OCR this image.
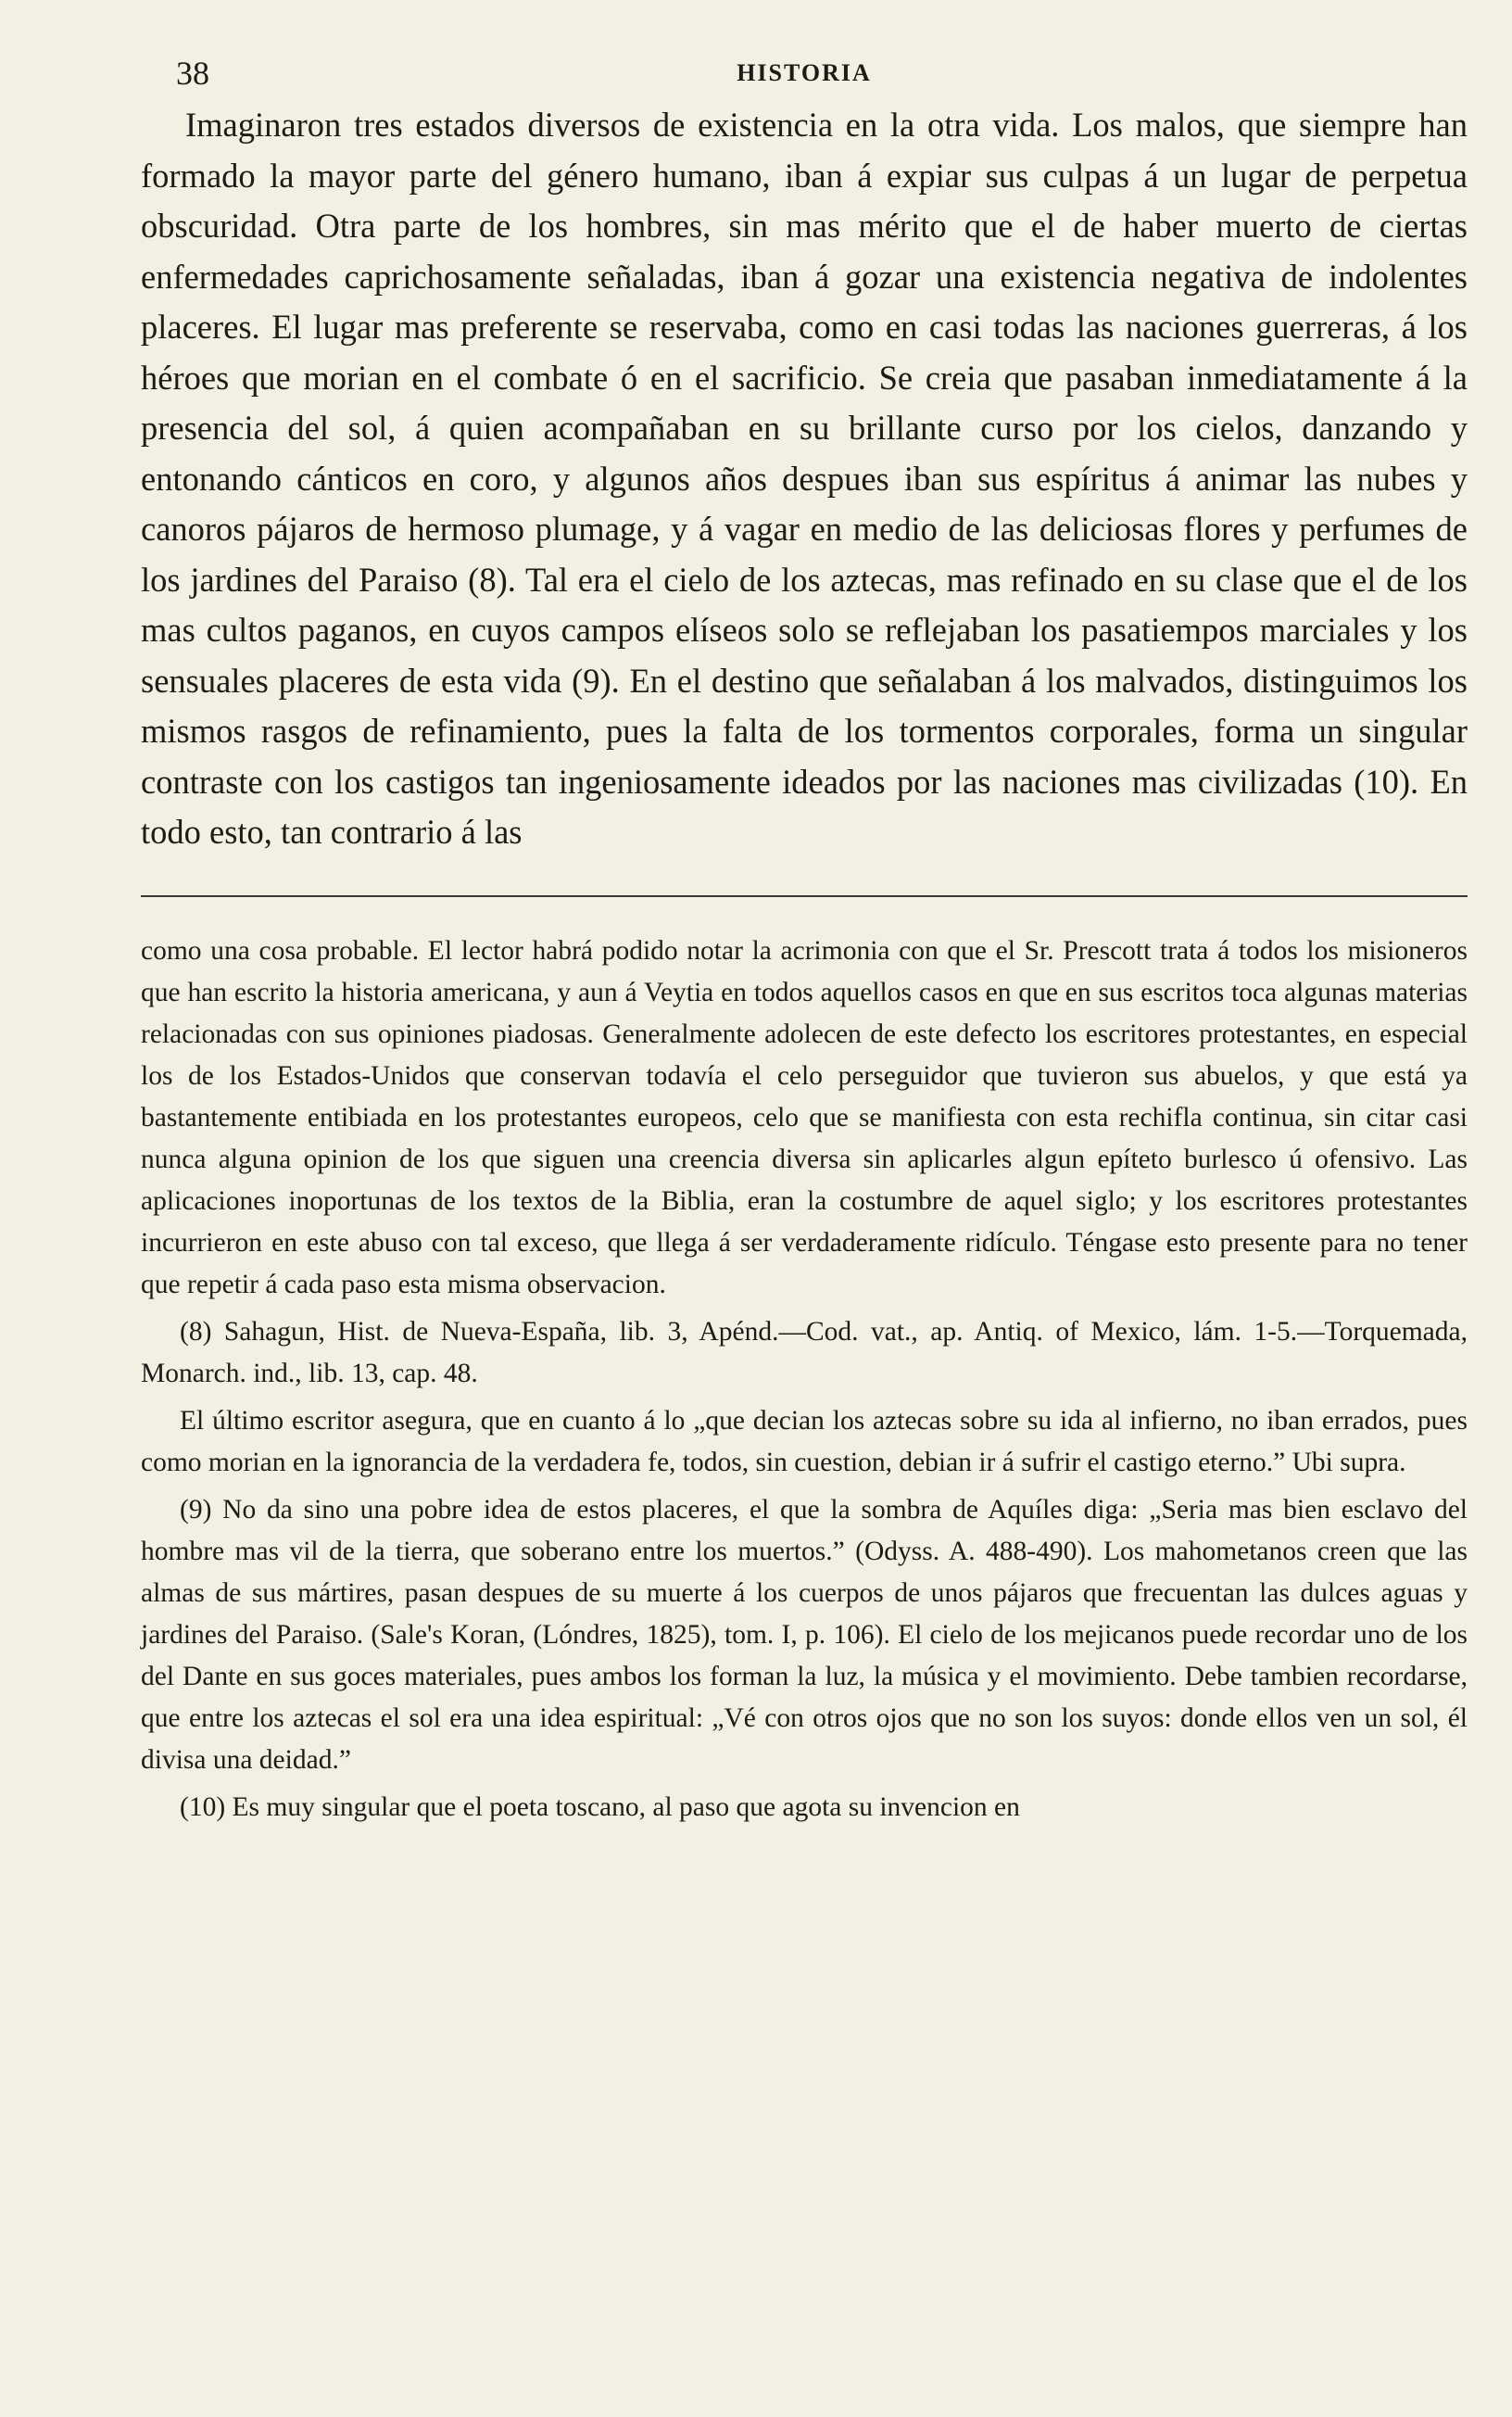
38	HISTORIA

Imaginaron tres estados diversos de existencia en la otra vida. Los malos, que siempre han formado la mayor parte del género humano, iban á expiar sus culpas á un lugar de perpetua obscuridad. Otra parte de los hombres, sin mas mérito que el de haber muerto de ciertas enfermedades caprichosamente señaladas, iban á gozar una existencia negativa de indolentes placeres. El lugar mas preferente se reservaba, como en casi todas las naciones guerreras, á los héroes que morian en el combate ó en el sacrificio. Se creia que pasaban inmediatamente á la presencia del sol, á quien acompañaban en su brillante curso por los cielos, danzando y entonando cánticos en coro, y algunos años despues iban sus espíritus á animar las nubes y canoros pájaros de hermoso plumage, y á vagar en medio de las deliciosas flores y perfumes de los jardines del Paraiso (8). Tal era el cielo de los aztecas, mas refinado en su clase que el de los mas cultos paganos, en cuyos campos elíseos solo se reflejaban los pasatiempos marciales y los sensuales placeres de esta vida (9). En el destino que señalaban á los malvados, distinguimos los mismos rasgos de refinamiento, pues la falta de los tormentos corporales, forma un singular contraste con los castigos tan ingeniosamente ideados por las naciones mas civilizadas (10). En todo esto, tan contrario á las

como una cosa probable. El lector habrá podido notar la acrimonia con que el Sr. Prescott trata á todos los misioneros que han escrito la historia americana, y aun á Veytia en todos aquellos casos en que en sus escritos toca algunas materias relacionadas con sus opiniones piadosas. Generalmente adolecen de este defecto los escritores protestantes, en especial los de los Estados-Unidos que conservan todavía el celo perseguidor que tuvieron sus abuelos, y que está ya bastantemente entibiada en los protestantes europeos, celo que se manifiesta con esta rechifla continua, sin citar casi nunca alguna opinion de los que siguen una creencia diversa sin aplicarles algun epíteto burlesco ú ofensivo. Las aplicaciones inoportunas de los textos de la Biblia, eran la costumbre de aquel siglo; y los escritores protestantes incurrieron en este abuso con tal exceso, que llega á ser verdaderamente ridículo. Téngase esto presente para no tener que repetir á cada paso esta misma observacion.

(8) Sahagun, Hist. de Nueva-España, lib. 3, Apénd.—Cod. vat., ap. Antiq. of Mexico, lám. 1-5.—Torquemada, Monarch. ind., lib. 13, cap. 48.

El último escritor asegura, que en cuanto á lo „que decian los aztecas sobre su ida al infierno, no iban errados, pues como morian en la ignorancia de la verdadera fe, todos, sin cuestion, debian ir á sufrir el castigo eterno.” Ubi supra.

(9) No da sino una pobre idea de estos placeres, el que la sombra de Aquíles diga: „Seria mas bien esclavo del hombre mas vil de la tierra, que soberano entre los muertos.” (Odyss. A. 488-490). Los mahometanos creen que las almas de sus mártires, pasan despues de su muerte á los cuerpos de unos pájaros que frecuentan las dulces aguas y jardines del Paraiso. (Sale's Koran, (Lóndres, 1825), tom. I, p. 106). El cielo de los mejicanos puede recordar uno de los del Dante en sus goces materiales, pues ambos los forman la luz, la música y el movimiento. Debe tambien recordarse, que entre los aztecas el sol era una idea espiritual: „Vé con otros ojos que no son los suyos: donde ellos ven un sol, él divisa una deidad.”

(10) Es muy singular que el poeta toscano, al paso que agota su invencion en
